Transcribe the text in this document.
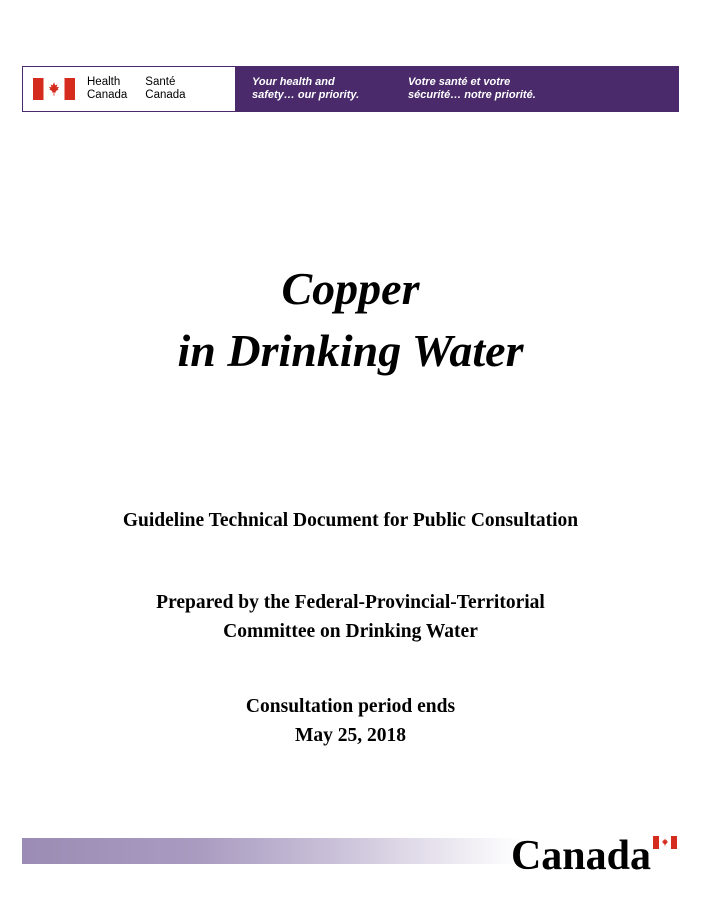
Health
Canada
Santé
Canada
Your health and
safety… our priority.
Votre santé et votre
sécurité… notre priorité.
Copper
in Drinking Water
Guideline Technical Document for Public Consultation
Prepared by the Federal-Provincial-Territorial
Committee on Drinking Water
Consultation period ends
May 25, 2018
Canada
